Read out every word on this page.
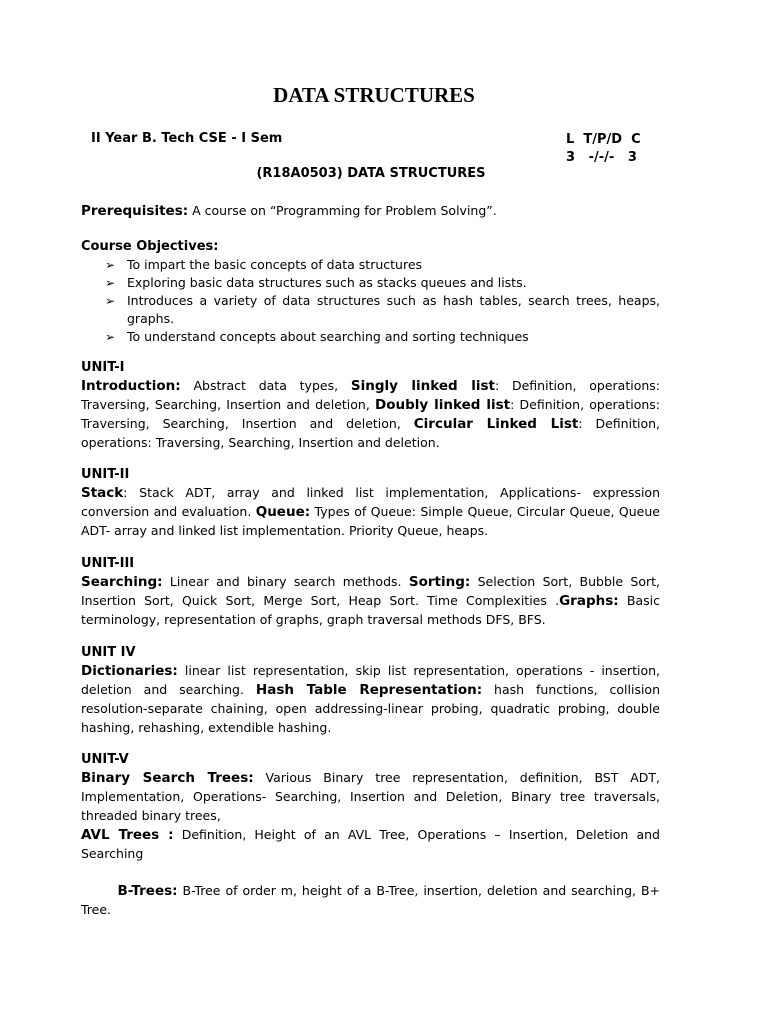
DATA STRUCTURES
II Year B. Tech CSE - I Sem	L  T/P/D  C
3   -/-/-   3
(R18A0503) DATA STRUCTURES
Prerequisites: A course on “Programming for Problem Solving”.
Course Objectives:
➢ To impart the basic concepts of data structures
➢ Exploring basic data structures such as stacks queues and lists.
➢ Introduces a variety of data structures such as hash tables, search trees, heaps, graphs.
➢ To understand concepts about searching and sorting techniques
UNIT-I
Introduction: Abstract data types, Singly linked list: Definition, operations: Traversing, Searching, Insertion and deletion, Doubly linked list: Definition, operations: Traversing, Searching, Insertion and deletion, Circular Linked List: Definition, operations: Traversing, Searching, Insertion and deletion.
UNIT-II
Stack: Stack ADT, array and linked list implementation, Applications- expression conversion and evaluation. Queue: Types of Queue: Simple Queue, Circular Queue, Queue ADT- array and linked list implementation. Priority Queue, heaps.
UNIT-III
Searching: Linear and binary search methods. Sorting: Selection Sort, Bubble Sort, Insertion Sort, Quick Sort, Merge Sort, Heap Sort. Time Complexities .Graphs: Basic terminology, representation of graphs, graph traversal methods DFS, BFS.
UNIT IV
Dictionaries: linear list representation, skip list representation, operations - insertion, deletion and searching. Hash Table Representation: hash functions, collision resolution-separate chaining, open addressing-linear probing, quadratic probing, double hashing, rehashing, extendible hashing.
UNIT-V
Binary Search Trees: Various Binary tree representation, definition, BST ADT, Implementation, Operations- Searching, Insertion and Deletion, Binary tree traversals, threaded binary trees,
AVL Trees : Definition, Height of an AVL Tree, Operations – Insertion, Deletion and Searching

B-Trees: B-Tree of order m, height of a B-Tree, insertion, deletion and searching, B+ Tree.
